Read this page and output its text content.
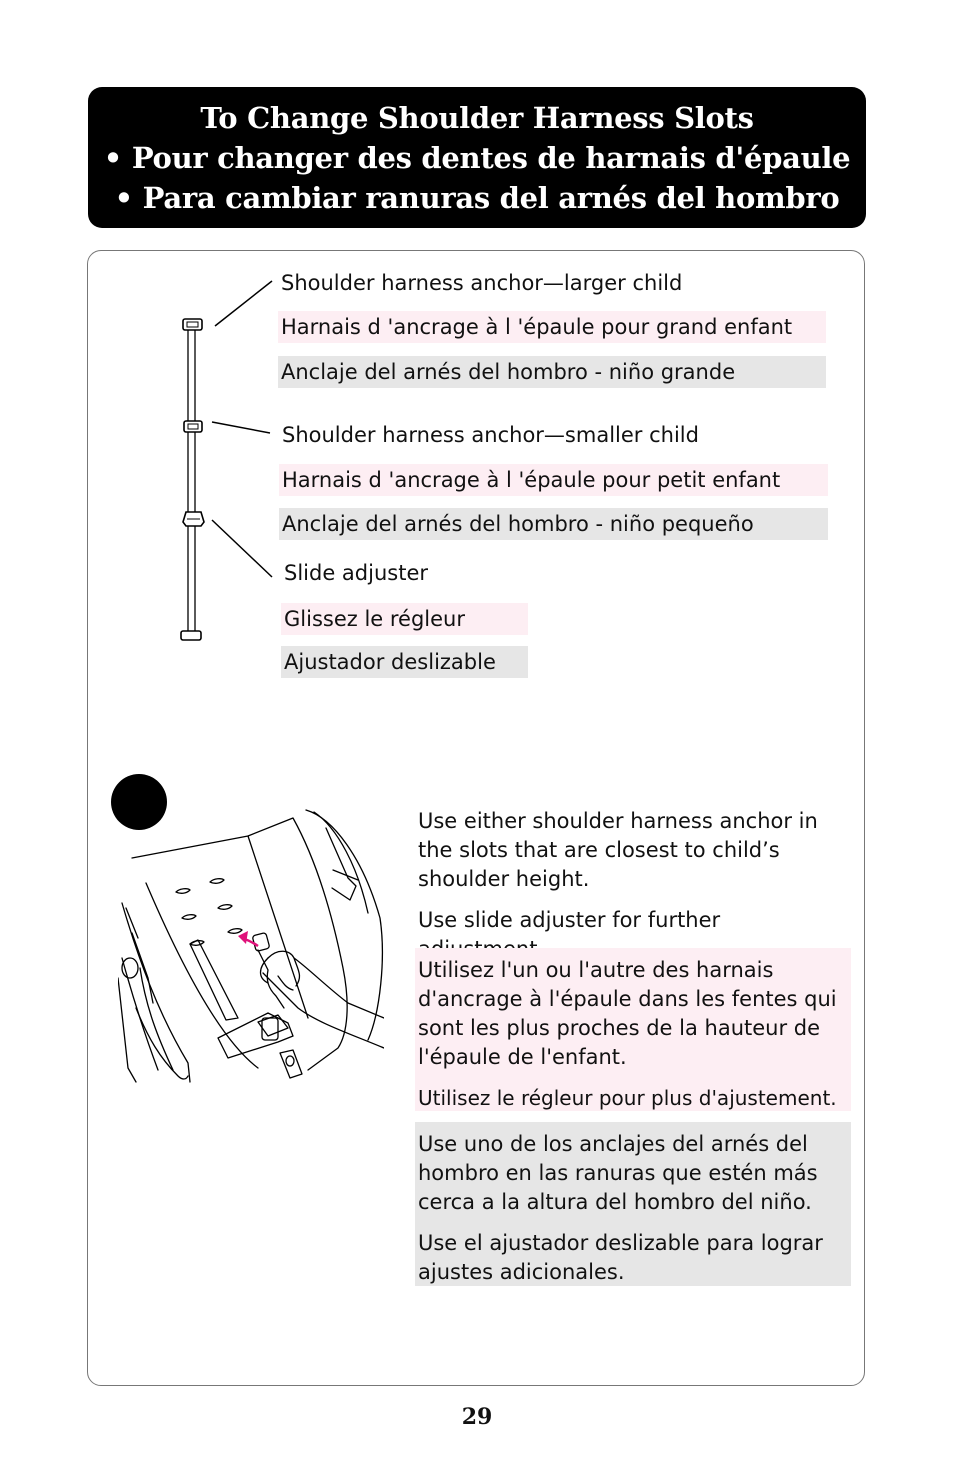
To Change Shoulder Harness Slots
• Pour changer des dentes de harnais d'épaule
• Para cambiar ranuras del arnés del hombro
Shoulder harness anchor—larger child
Harnais d 'ancrage à l 'épaule pour grand enfant
Anclaje del arnés del hombro - niño grande
Shoulder harness anchor—smaller child
Harnais d 'ancrage à l 'épaule pour petit enfant
Anclaje del arnés del hombro - niño pequeño
Slide adjuster
Glissez le régleur
Ajustador deslizable

Use either shoulder harness anchor in the slots that are closest to child’s shoulder height.

Use slide adjuster for further

Utilisez l'un ou l'autre des harnais d'ancrage à l'épaule dans les fentes qui sont les plus proches de la hauteur de l'épaule de l'enfant.

Utilisez le régleur pour plus d'ajustement.

Use uno de los anclajes del arnés del hombro en las ranuras que estén más cerca a la altura del hombro del niño.

Use el ajustador deslizable para lograr ajustes adicionales.

29
